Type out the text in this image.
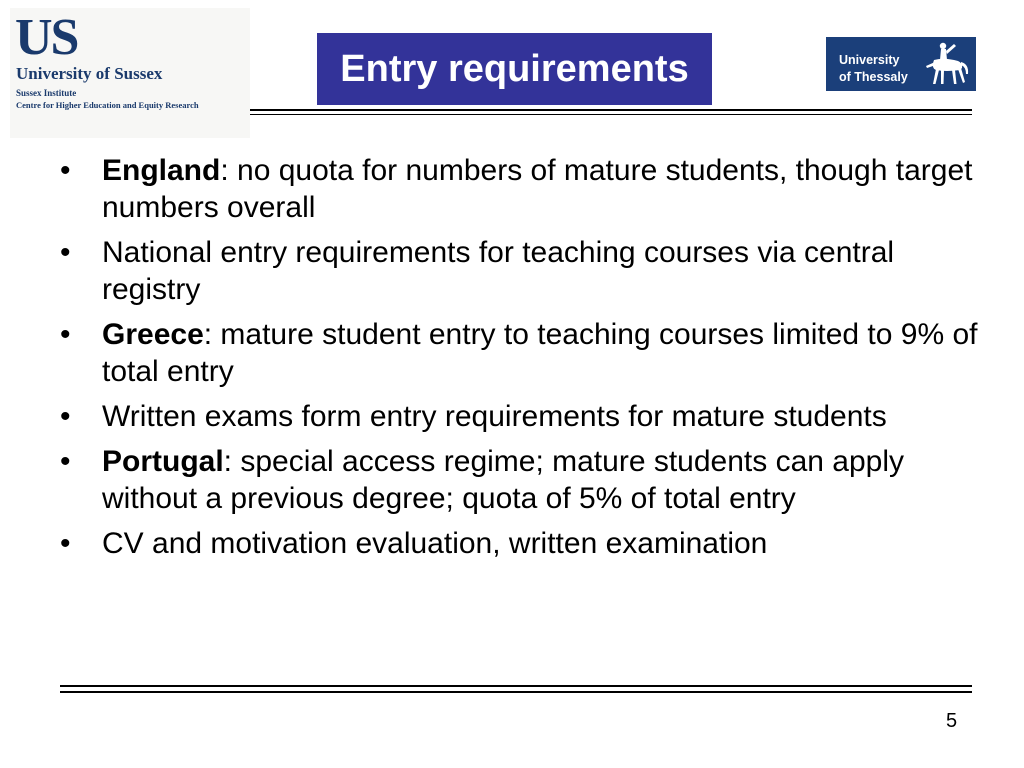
US
University of Sussex
Sussex Institute
Centre for Higher Education and Equity Research
Entry requirements	University
of Thessaly
• England: no quota for numbers of mature students, though target numbers overall
• National entry requirements for teaching courses via central registry
• Greece: mature student entry to teaching courses limited to 9% of total entry
• Written exams form entry requirements for mature students
• Portugal: special access regime; mature students can apply without a previous degree; quota of 5% of total entry
• CV and motivation evaluation, written examination
5
